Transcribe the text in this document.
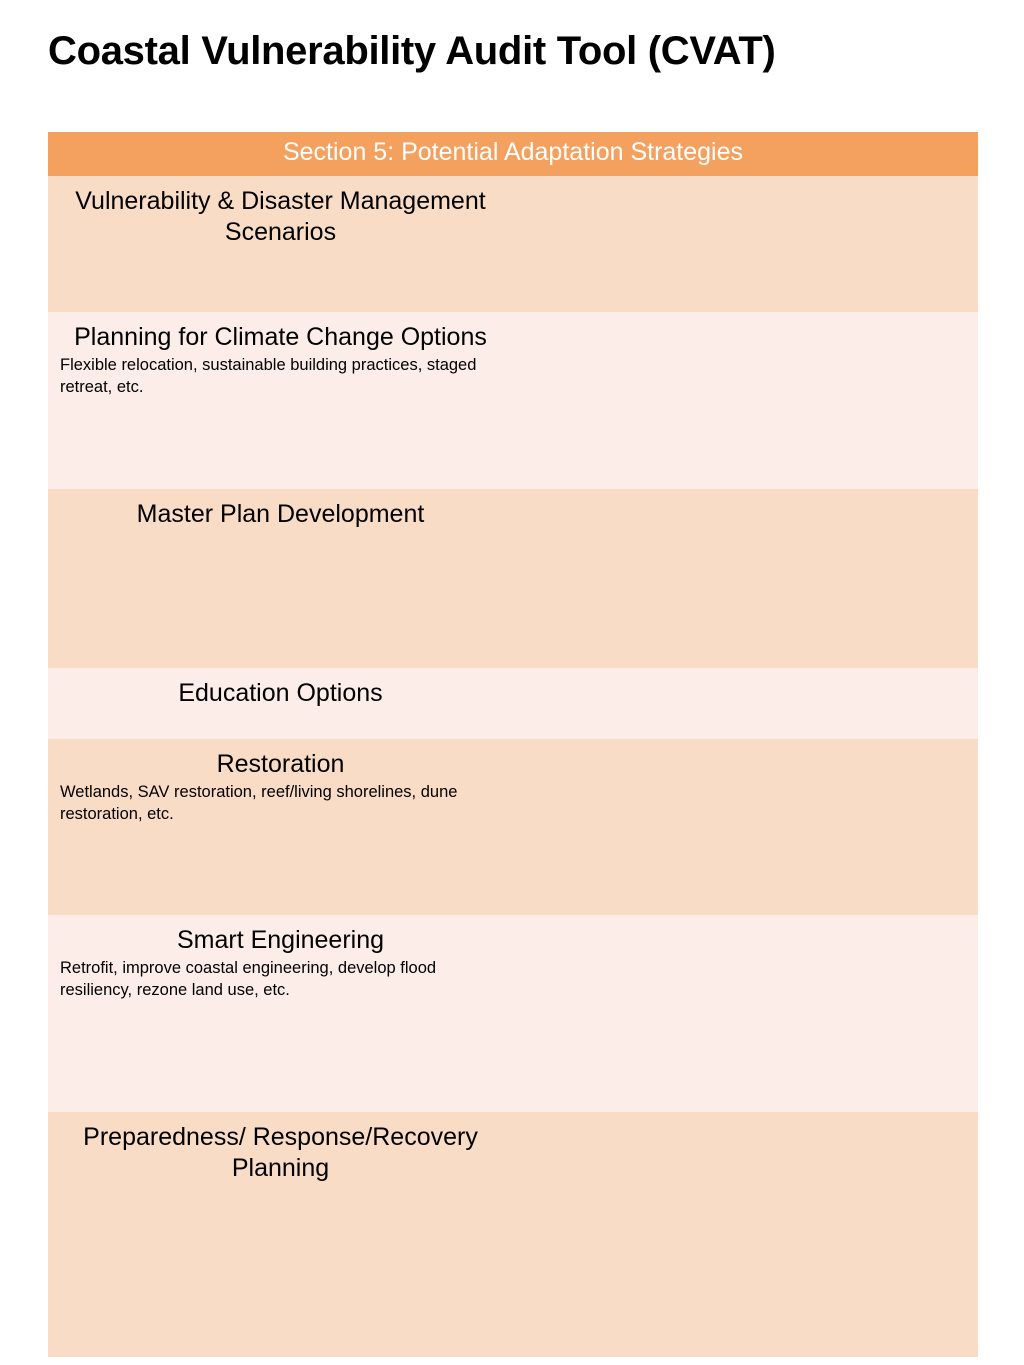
Coastal Vulnerability Audit Tool (CVAT)
Section 5: Potential Adaptation Strategies	

Vulnerability & Disaster Management Scenarios	

Planning for Climate Change Options
Flexible relocation, sustainable building practices, staged retreat, etc.	

Master Plan Development	

Education Options	

Restoration
Wetlands, SAV restoration, reef/living shorelines, dune restoration, etc.	

Smart Engineering
Retrofit, improve coastal engineering, develop flood resiliency, rezone land use, etc.	

Preparedness/ Response/Recovery Planning	
